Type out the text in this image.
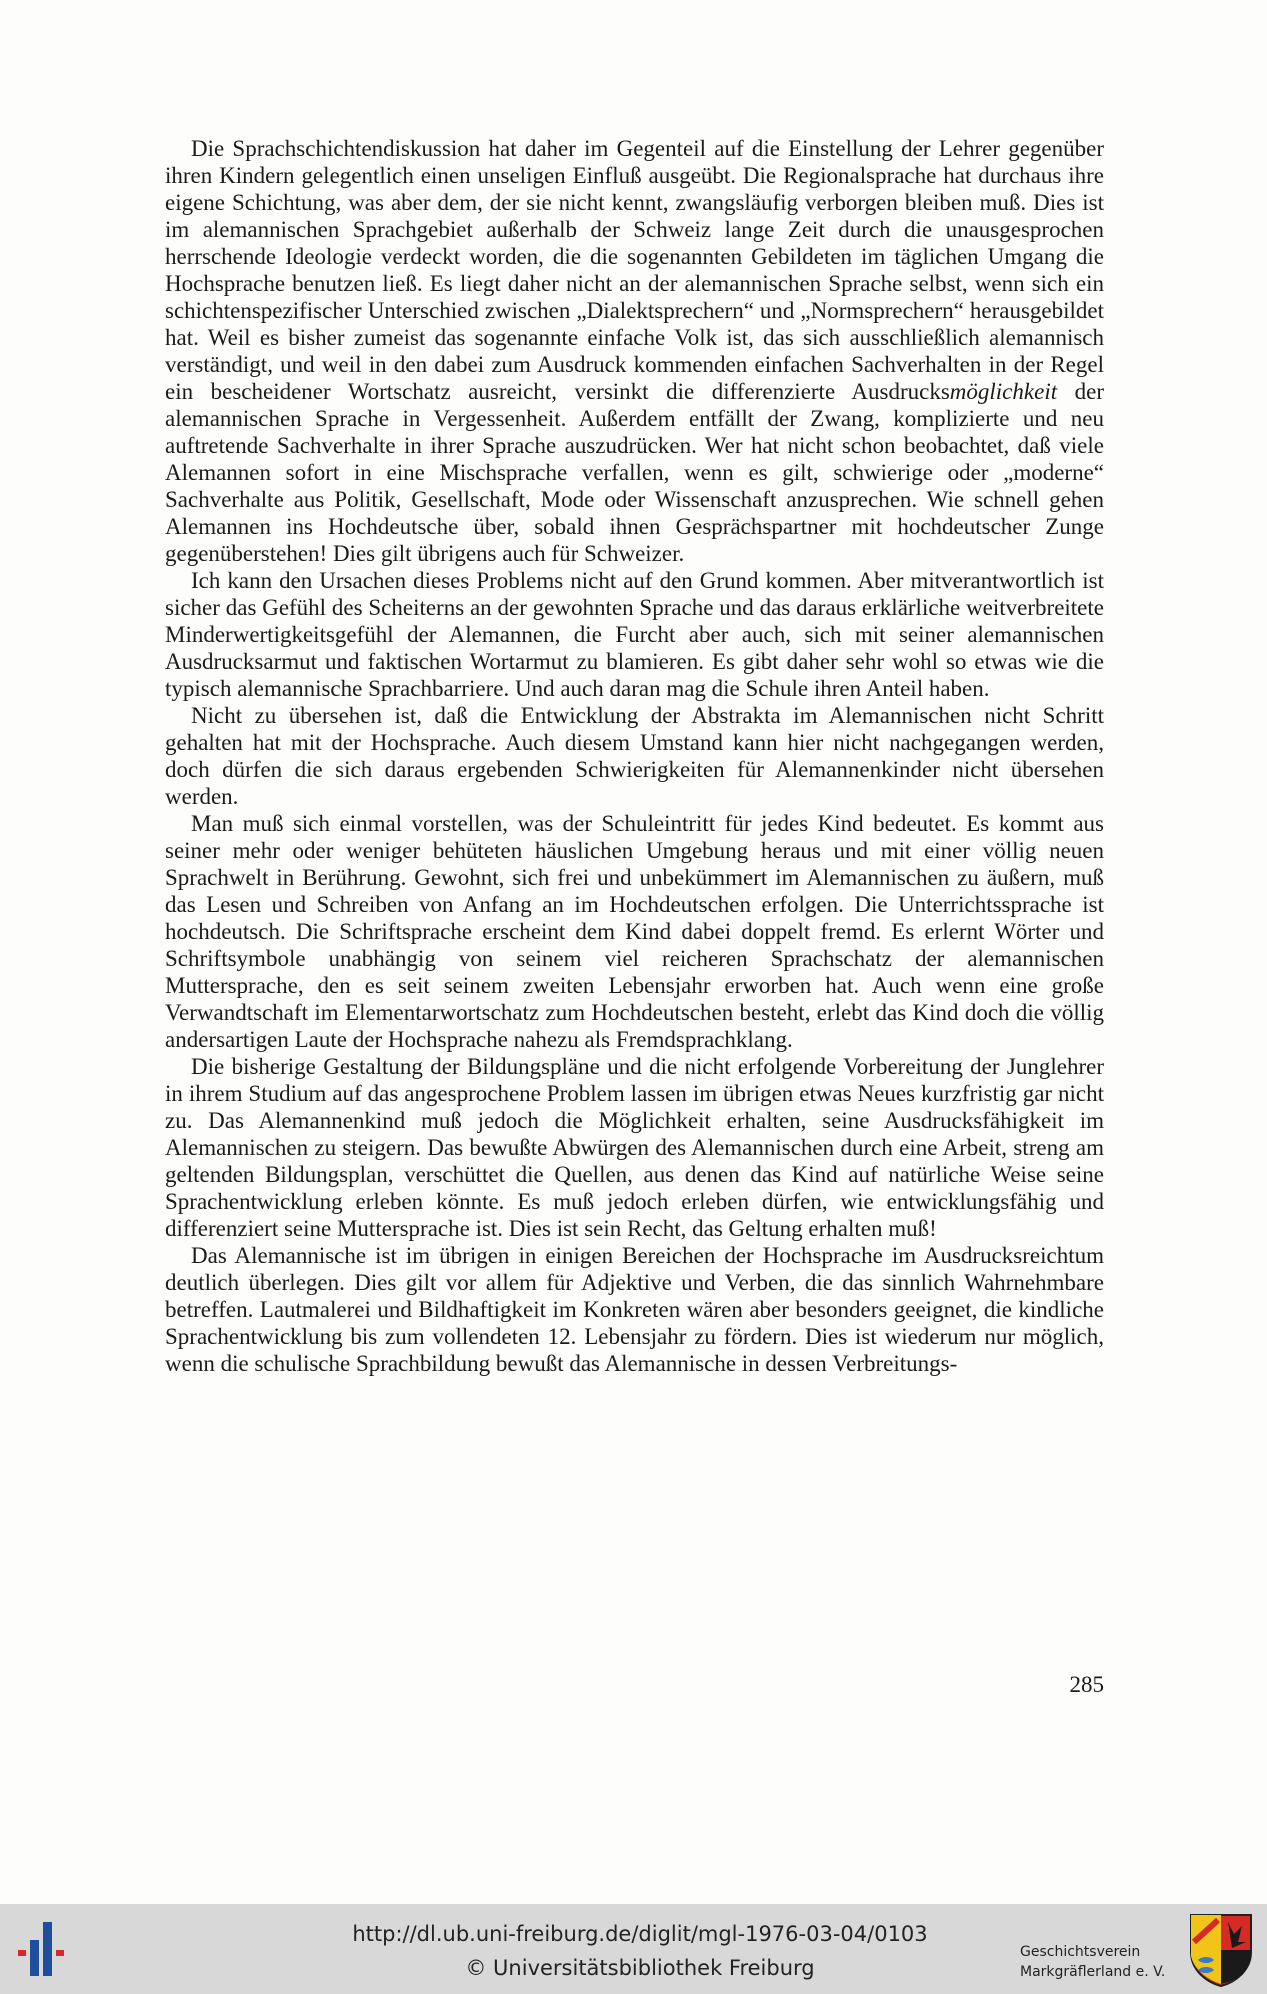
Die Sprachschichtendiskussion hat daher im Gegenteil auf die Einstellung der Lehrer gegenüber ihren Kindern gelegentlich einen unseligen Einfluß ausgeübt. Die Regionalsprache hat durchaus ihre eigene Schichtung, was aber dem, der sie nicht kennt, zwangsläufig verborgen bleiben muß. Dies ist im alemannischen Sprachgebiet außerhalb der Schweiz lange Zeit durch die unausgesprochen herrschende Ideologie verdeckt worden, die die sogenannten Gebildeten im täglichen Umgang die Hochsprache benutzen ließ. Es liegt daher nicht an der alemannischen Sprache selbst, wenn sich ein schichtenspezifischer Unterschied zwischen „Dialektsprechern“ und „Normsprechern“ herausgebildet hat. Weil es bisher zumeist das sogenannte einfache Volk ist, das sich ausschließlich alemannisch verständigt, und weil in den dabei zum Ausdruck kommenden einfachen Sachverhalten in der Regel ein bescheidener Wortschatz ausreicht, versinkt die differenzierte Ausdrucksmöglichkeit der alemannischen Sprache in Vergessenheit. Außerdem entfällt der Zwang, komplizierte und neu auftretende Sachverhalte in ihrer Sprache auszudrücken. Wer hat nicht schon beobachtet, daß viele Alemannen sofort in eine Mischsprache verfallen, wenn es gilt, schwierige oder „moderne“ Sachverhalte aus Politik, Gesellschaft, Mode oder Wissenschaft anzusprechen. Wie schnell gehen Alemannen ins Hochdeutsche über, sobald ihnen Gesprächspartner mit hochdeutscher Zunge gegenüberstehen! Dies gilt übrigens auch für Schweizer.

Ich kann den Ursachen dieses Problems nicht auf den Grund kommen. Aber mitverantwortlich ist sicher das Gefühl des Scheiterns an der gewohnten Sprache und das daraus erklärliche weitverbreitete Minderwertigkeitsgefühl der Alemannen, die Furcht aber auch, sich mit seiner alemannischen Ausdrucksarmut und faktischen Wortarmut zu blamieren. Es gibt daher sehr wohl so etwas wie die typisch alemannische Sprachbarriere. Und auch daran mag die Schule ihren Anteil haben.

Nicht zu übersehen ist, daß die Entwicklung der Abstrakta im Alemannischen nicht Schritt gehalten hat mit der Hochsprache. Auch diesem Umstand kann hier nicht nachgegangen werden, doch dürfen die sich daraus ergebenden Schwierigkeiten für Alemannenkinder nicht übersehen werden.

Man muß sich einmal vorstellen, was der Schuleintritt für jedes Kind bedeutet. Es kommt aus seiner mehr oder weniger behüteten häuslichen Umgebung heraus und mit einer völlig neuen Sprachwelt in Berührung. Gewohnt, sich frei und unbekümmert im Alemannischen zu äußern, muß das Lesen und Schreiben von Anfang an im Hochdeutschen erfolgen. Die Unterrichtssprache ist hochdeutsch. Die Schriftsprache erscheint dem Kind dabei doppelt fremd. Es erlernt Wörter und Schriftsymbole unabhängig von seinem viel reicheren Sprachschatz der alemannischen Muttersprache, den es seit seinem zweiten Lebensjahr erworben hat. Auch wenn eine große Verwandtschaft im Elementarwortschatz zum Hochdeutschen besteht, erlebt das Kind doch die völlig andersartigen Laute der Hochsprache nahezu als Fremdsprachklang.

Die bisherige Gestaltung der Bildungspläne und die nicht erfolgende Vorbereitung der Junglehrer in ihrem Studium auf das angesprochene Problem lassen im übrigen etwas Neues kurzfristig gar nicht zu. Das Alemannenkind muß jedoch die Möglichkeit erhalten, seine Ausdrucksfähigkeit im Alemannischen zu steigern. Das bewußte Abwürgen des Alemannischen durch eine Arbeit, streng am geltenden Bildungsplan, verschüttet die Quellen, aus denen das Kind auf natürliche Weise seine Sprachentwicklung erleben könnte. Es muß jedoch erleben dürfen, wie entwicklungsfähig und differenziert seine Muttersprache ist. Dies ist sein Recht, das Geltung erhalten muß!

Das Alemannische ist im übrigen in einigen Bereichen der Hochsprache im Ausdrucksreichtum deutlich überlegen. Dies gilt vor allem für Adjektive und Verben, die das sinnlich Wahrnehmbare betreffen. Lautmalerei und Bildhaftigkeit im Konkreten wären aber besonders geeignet, die kindliche Sprachentwicklung bis zum vollendeten 12. Lebensjahr zu fördern. Dies ist wiederum nur möglich, wenn die schulische Sprachbildung bewußt das Alemannische in dessen Verbreitungs-

285
http://dl.ub.uni-freiburg.de/diglit/mgl-1976-03-04/0103
© Universitätsbibliothek Freiburg
Geschichtsverein
Markgräflerland e. V.
